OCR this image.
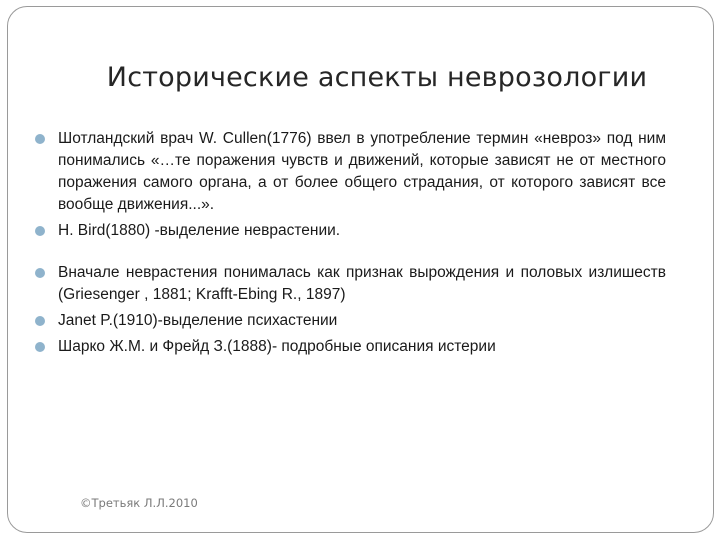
Исторические аспекты неврозологии
Шотландский врач W. Cullen(1776) ввел в употребление термин «невроз» под ним понимались «…те поражения чувств и движений, которые зависят не от местного поражения самого органа, а от более общего страдания, от которого зависят все вообще движения...».
H. Bird(1880) -выделение неврастении.
Вначале неврастения понималась как признак вырождения и половых излишеств (Griesenger , 1881; Krafft-Ebing R., 1897)
Janet P.(1910)-выделение психастении
Шарко Ж.М. и Фрейд З.(1888)- подробные описания истерии
©Третьяк Л.Л.2010
